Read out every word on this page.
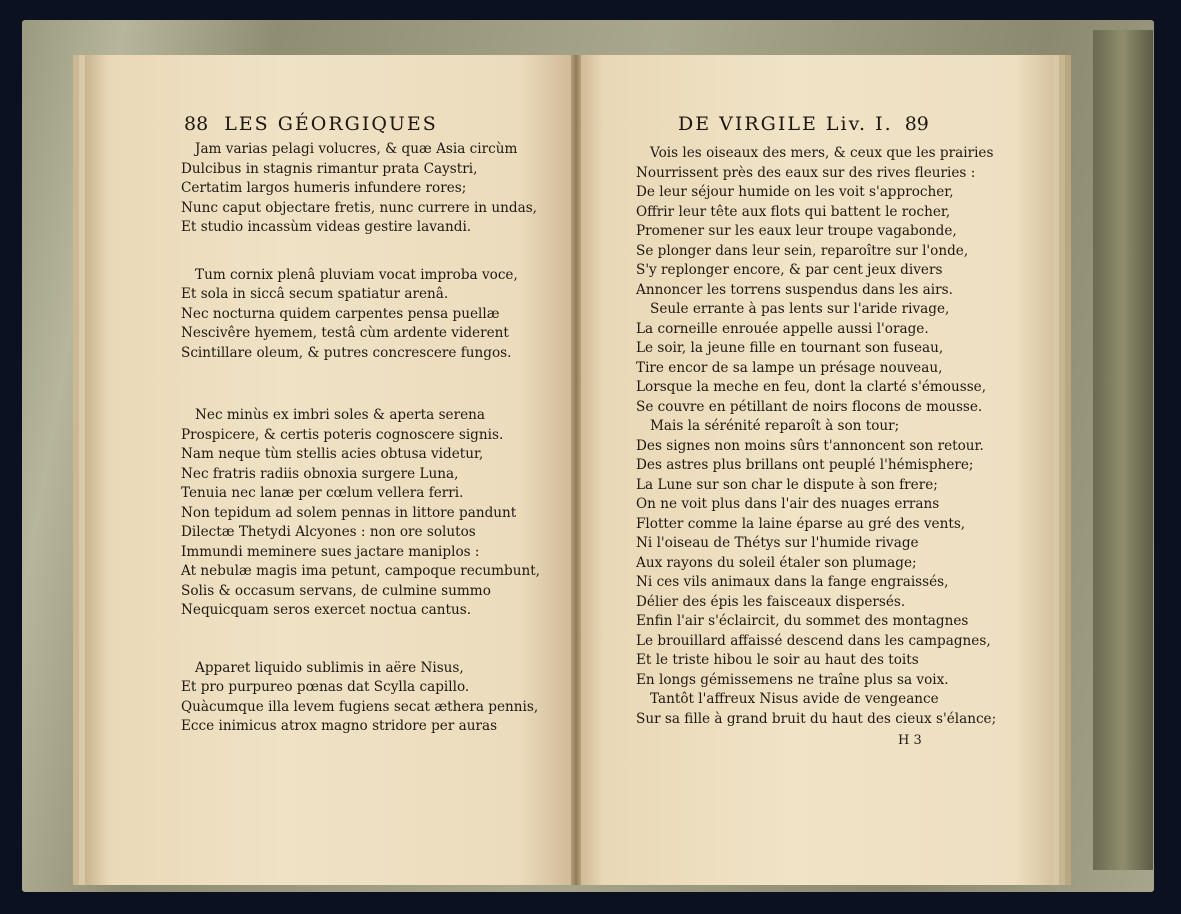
88 LES GÉORGIQUES	DE VIRGILE Liv. I. 89
Jam varias pelagi volucres, & quæ Asia circùm
Dulcibus in stagnis rimantur prata Caystri,
Certatim largos humeris infundere rores;
Nunc caput objectare fretis, nunc currere in undas,
Et studio incassùm videas gestire lavandi.
Tum cornix plenâ pluviam vocat improba voce,
Et sola in siccâ secum spatiatur arenâ.
Nec nocturna quidem carpentes pensa puellæ
Nescivêre hyemem, testâ cùm ardente viderent
Scintillare oleum, & putres concrescere fungos.
Nec minùs ex imbri soles & aperta serena
Prospicere, & certis poteris cognoscere signis.
Nam neque tùm stellis acies obtusa videtur,
Nec fratris radiis obnoxia surgere Luna,
Tenuia nec lanæ per cœlum vellera ferri.
Non tepidum ad solem pennas in littore pandunt
Dilectæ Thetydi Alcyones : non ore solutos
Immundi meminere sues jactare maniplos :
At nebulæ magis ima petunt, campoque recumbunt,
Solis & occasum servans, de culmine summo
Nequicquam seros exercet noctua cantus.
Apparet liquido sublimis in aëre Nisus,
Et pro purpureo pœnas dat Scylla capillo.
Quàcumque illa levem fugiens secat æthera pennis,
Ecce inimicus atrox magno stridore per auras
Vois les oiseaux des mers, & ceux que les prairies
Nourrissent près des eaux sur des rives fleuries :
De leur séjour humide on les voit s'approcher,
Offrir leur tête aux flots qui battent le rocher,
Promener sur les eaux leur troupe vagabonde,
Se plonger dans leur sein, reparoître sur l'onde,
S'y replonger encore, & par cent jeux divers
Annoncer les torrens suspendus dans les airs.
Seule errante à pas lents sur l'aride rivage,
La corneille enrouée appelle aussi l'orage.
Le soir, la jeune fille en tournant son fuseau,
Tire encor de sa lampe un présage nouveau,
Lorsque la meche en feu, dont la clarté s'émousse,
Se couvre en pétillant de noirs flocons de mousse.
Mais la sérénité reparoît à son tour;
Des signes non moins sûrs t'annoncent son retour.
Des astres plus brillans ont peuplé l'hémisphere;
La Lune sur son char le dispute à son frere;
On ne voit plus dans l'air des nuages errans
Flotter comme la laine éparse au gré des vents,
Ni l'oiseau de Thétys sur l'humide rivage
Aux rayons du soleil étaler son plumage;
Ni ces vils animaux dans la fange engraissés,
Délier des épis les faisceaux dispersés.
Enfin l'air s'éclaircit, du sommet des montagnes
Le brouillard affaissé descend dans les campagnes,
Et le triste hibou le soir au haut des toits
En longs gémissemens ne traîne plus sa voix.
Tantôt l'affreux Nisus avide de vengeance
Sur sa fille à grand bruit du haut des cieux s'élance;
H 3
